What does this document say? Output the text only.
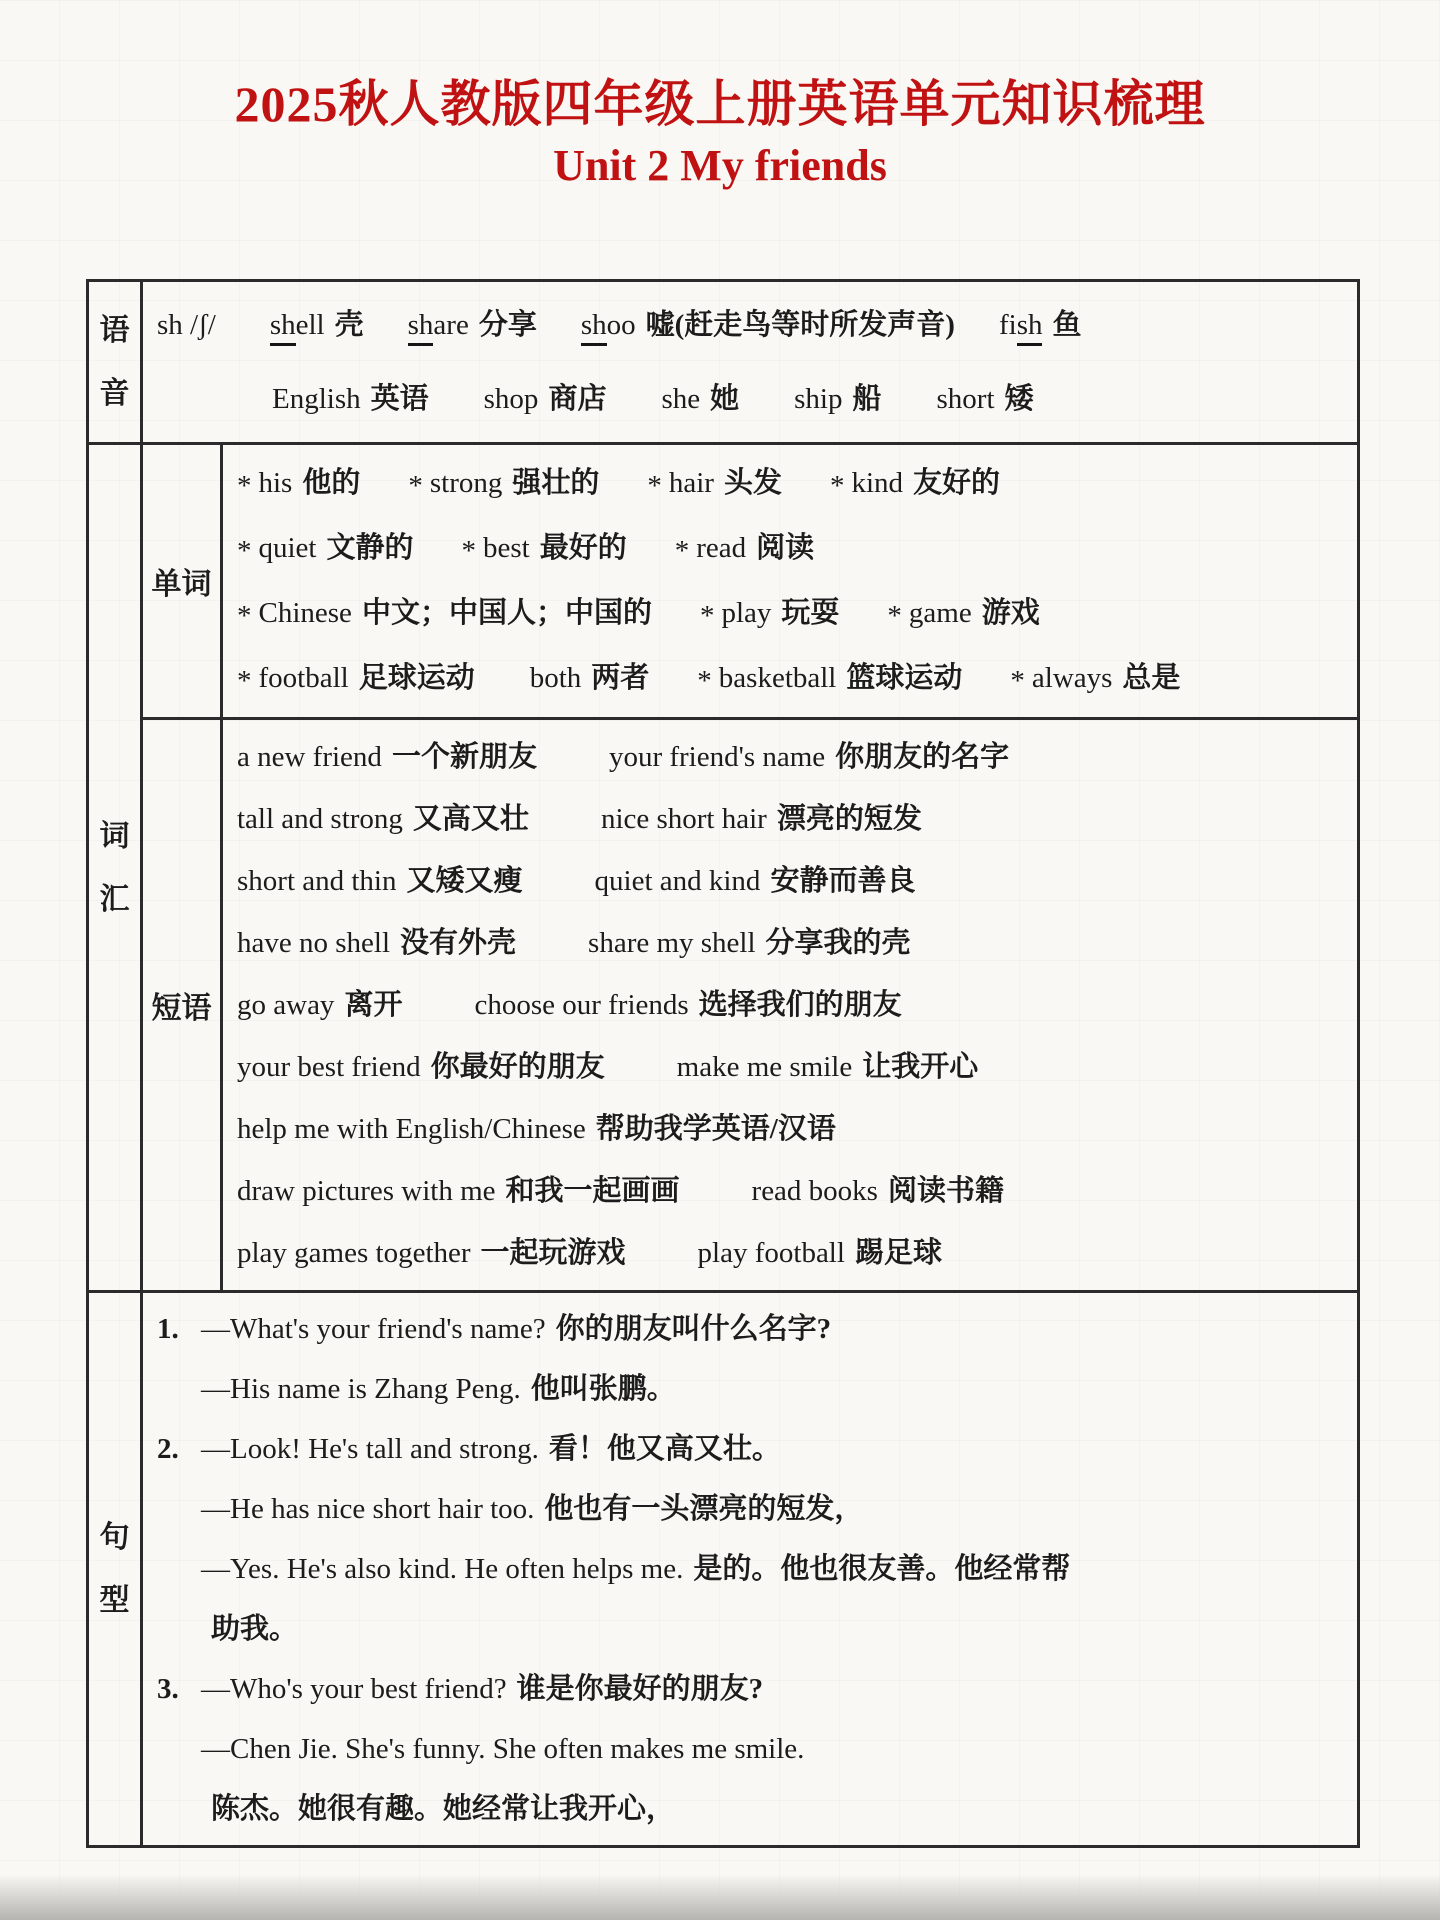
2025秋人教版四年级上册英语单元知识梳理
Unit 2 My friends
语音	sh /ʃ/ shell 壳 share 分享 shoo 嘘(赶走鸟等时所发声音) fish 鱼
English 英语 shop 商店 she 她 ship 船 short 矮	

词汇	单词	* his 他的 * strong 强壮的 * hair 头发 * kind 友好的
* quiet 文静的 * best 最好的 * read 阅读
* Chinese 中文；中国人；中国的 * play 玩耍 * game 游戏
* football 足球运动 both 两者 * basketball 篮球运动 * always 总是

短语	
a new friend 一个新朋友 your friend's name 你朋友的名字
tall and strong 又高又壮 nice short hair 漂亮的短发
short and thin 又矮又瘦 quiet and kind 安静而善良
have no shell 没有外壳 share my shell 分享我的壳
go away 离开 choose our friends 选择我们的朋友
your best friend 你最好的朋友 make me smile 让我开心
help me with English/Chinese 帮助我学英语/汉语
draw pictures with me 和我一起画画 read books 阅读书籍
play games together 一起玩游戏 play football 踢足球

句型	
1. —What's your friend's name? 你的朋友叫什么名字?
—His name is Zhang Peng. 他叫张鹏。
2. —Look! He's tall and strong. 看！他又高又壮。
—He has nice short hair too. 他也有一头漂亮的短发，
—Yes. He's also kind. He often helps me. 是的。他也很友善。他经常帮
助我。
3. —Who's your best friend? 谁是你最好的朋友?
—Chen Jie. She's funny. She often makes me smile.
陈杰。她很有趣。她经常让我开心，
